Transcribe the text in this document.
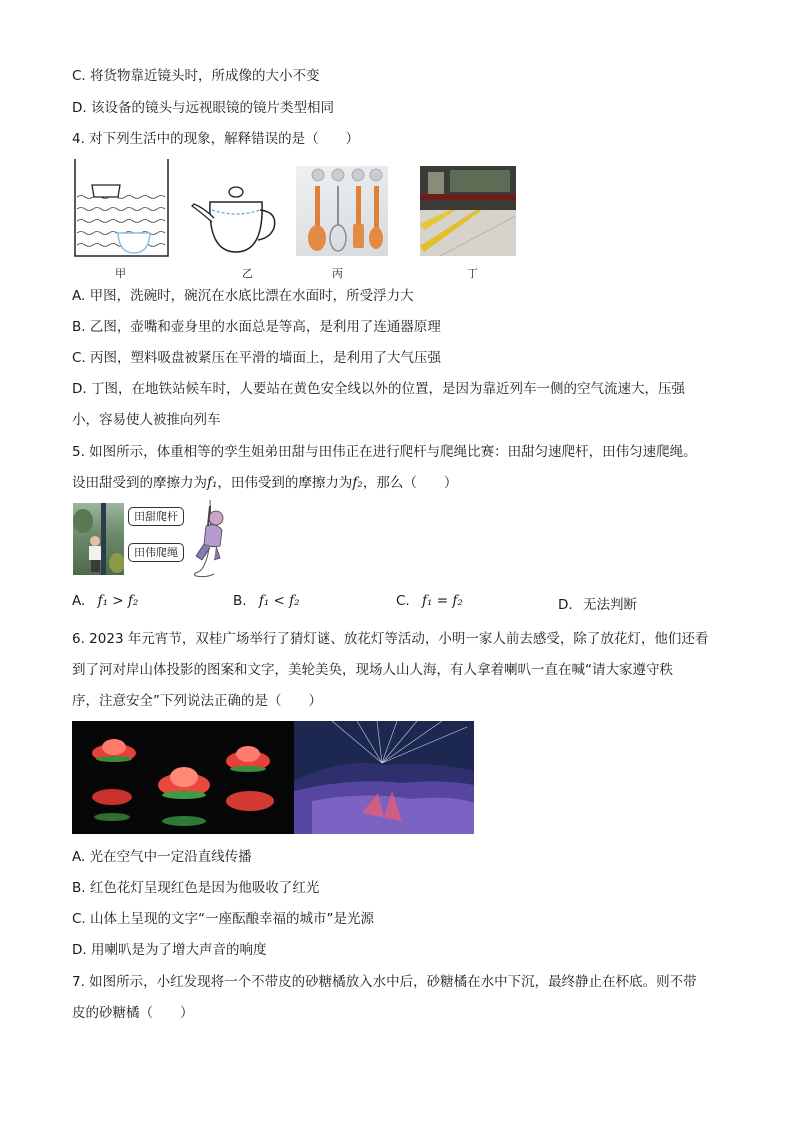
C. 将货物靠近镜头时，所成像的大小不变
D. 该设备的镜头与远视眼镜的镜片类型相同
4. 对下列生活中的现象，解释错误的是（　　）
甲	乙	丙	丁
A. 甲图，洗碗时，碗沉在水底比漂在水面时，所受浮力大
B. 乙图，壶嘴和壶身里的水面总是等高，是利用了连通器原理
C. 丙图，塑料吸盘被紧压在平滑的墙面上，是利用了大气压强
D. 丁图，在地铁站候车时，人要站在黄色安全线以外的位置，是因为靠近列车一侧的空气流速大，压强
小，容易使人被推向列车
5. 如图所示，体重相等的孪生姐弟田甜与田伟正在进行爬杆与爬绳比赛：田甜匀速爬杆，田伟匀速爬绳。
设田甜受到的摩擦力为f₁，田伟受到的摩擦力为f₂，那么（　　）
田甜爬杆
田伟爬绳
A. f₁ > f₂	B. f₁ < f₂	C. f₁ = f₂	D. 无法判断
6. 2023 年元宵节，双桂广场举行了猜灯谜、放花灯等活动，小明一家人前去感受，除了放花灯，他们还看
到了河对岸山体投影的图案和文字，美轮美奂，现场人山人海，有人拿着喇叭一直在喊“请大家遵守秩
序，注意安全”下列说法正确的是（　　）
A. 光在空气中一定沿直线传播
B. 红色花灯呈现红色是因为他吸收了红光
C. 山体上呈现的文字“一座酝酿幸福的城市”是光源
D. 用喇叭是为了增大声音的响度
7. 如图所示，小红发现将一个不带皮的砂糖橘放入水中后，砂糖橘在水中下沉，最终静止在杯底。则不带
皮的砂糖橘（　　）
